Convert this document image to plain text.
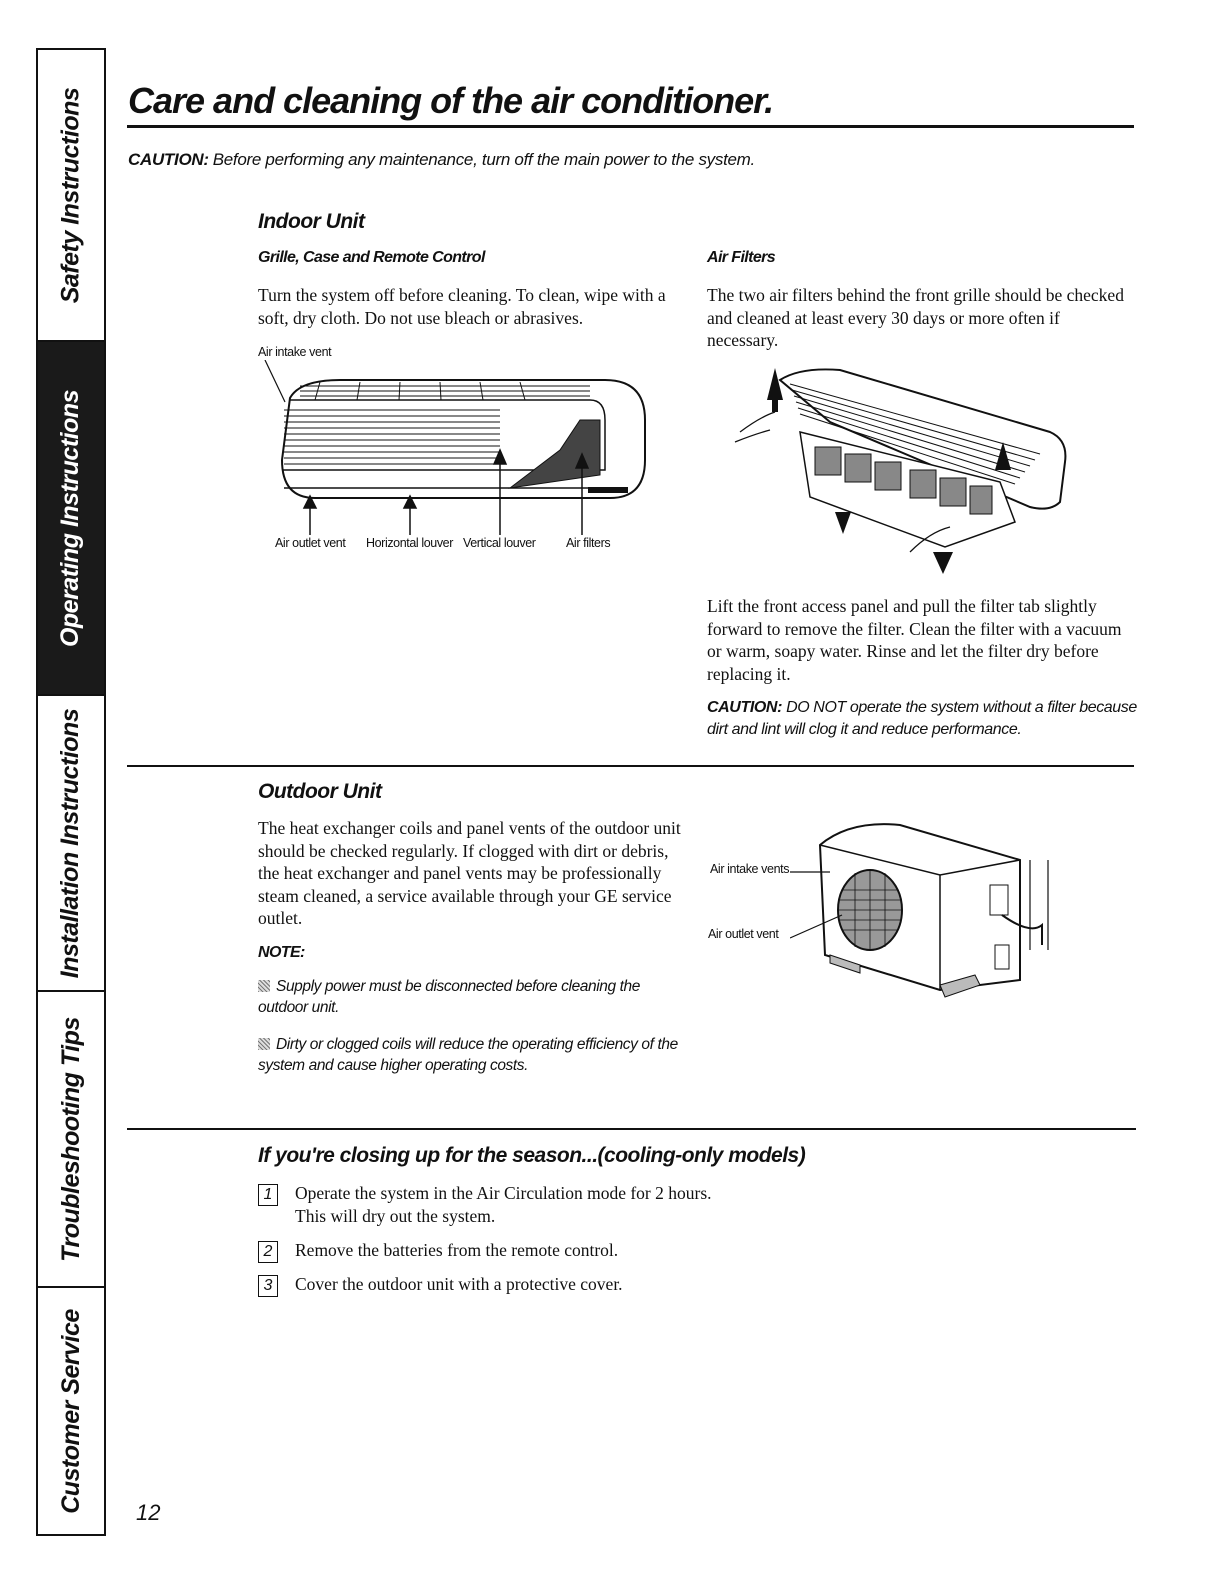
Safety Instructions
Operating Instructions
Installation Instructions
Troubleshooting Tips
Customer Service
Care and cleaning of the air conditioner.
CAUTION: Before performing any maintenance, turn off the main power to the system.
Indoor Unit
Grille, Case and Remote Control
Turn the system off before cleaning. To clean, wipe with a soft, dry cloth. Do not use bleach or abrasives.
Air intake vent
Air outlet vent Horizontal louver Vertical louver Air filters
Air Filters
The two air filters behind the front grille should be checked and cleaned at least every 30 days or more often if necessary.
Lift the front access panel and pull the filter tab slightly forward to remove the filter. Clean the filter with a vacuum or warm, soapy water. Rinse and let the filter dry before replacing it.
CAUTION: DO NOT operate the system without a filter because dirt and lint will clog it and reduce performance.
Outdoor Unit
The heat exchanger coils and panel vents of the outdoor unit should be checked regularly. If clogged with dirt or debris, the heat exchanger and panel vents may be professionally steam cleaned, a service available through your GE service outlet.
NOTE:
Supply power must be disconnected before cleaning the outdoor unit.
Dirty or clogged coils will reduce the operating efficiency of the system and cause higher operating costs.
Air intake vents
Air outlet vent
If you're closing up for the season...(cooling-only models)
1	Operate the system in the Air Circulation mode for 2 hours. This will dry out the system.
2	Remove the batteries from the remote control.
3	Cover the outdoor unit with a protective cover.
12
